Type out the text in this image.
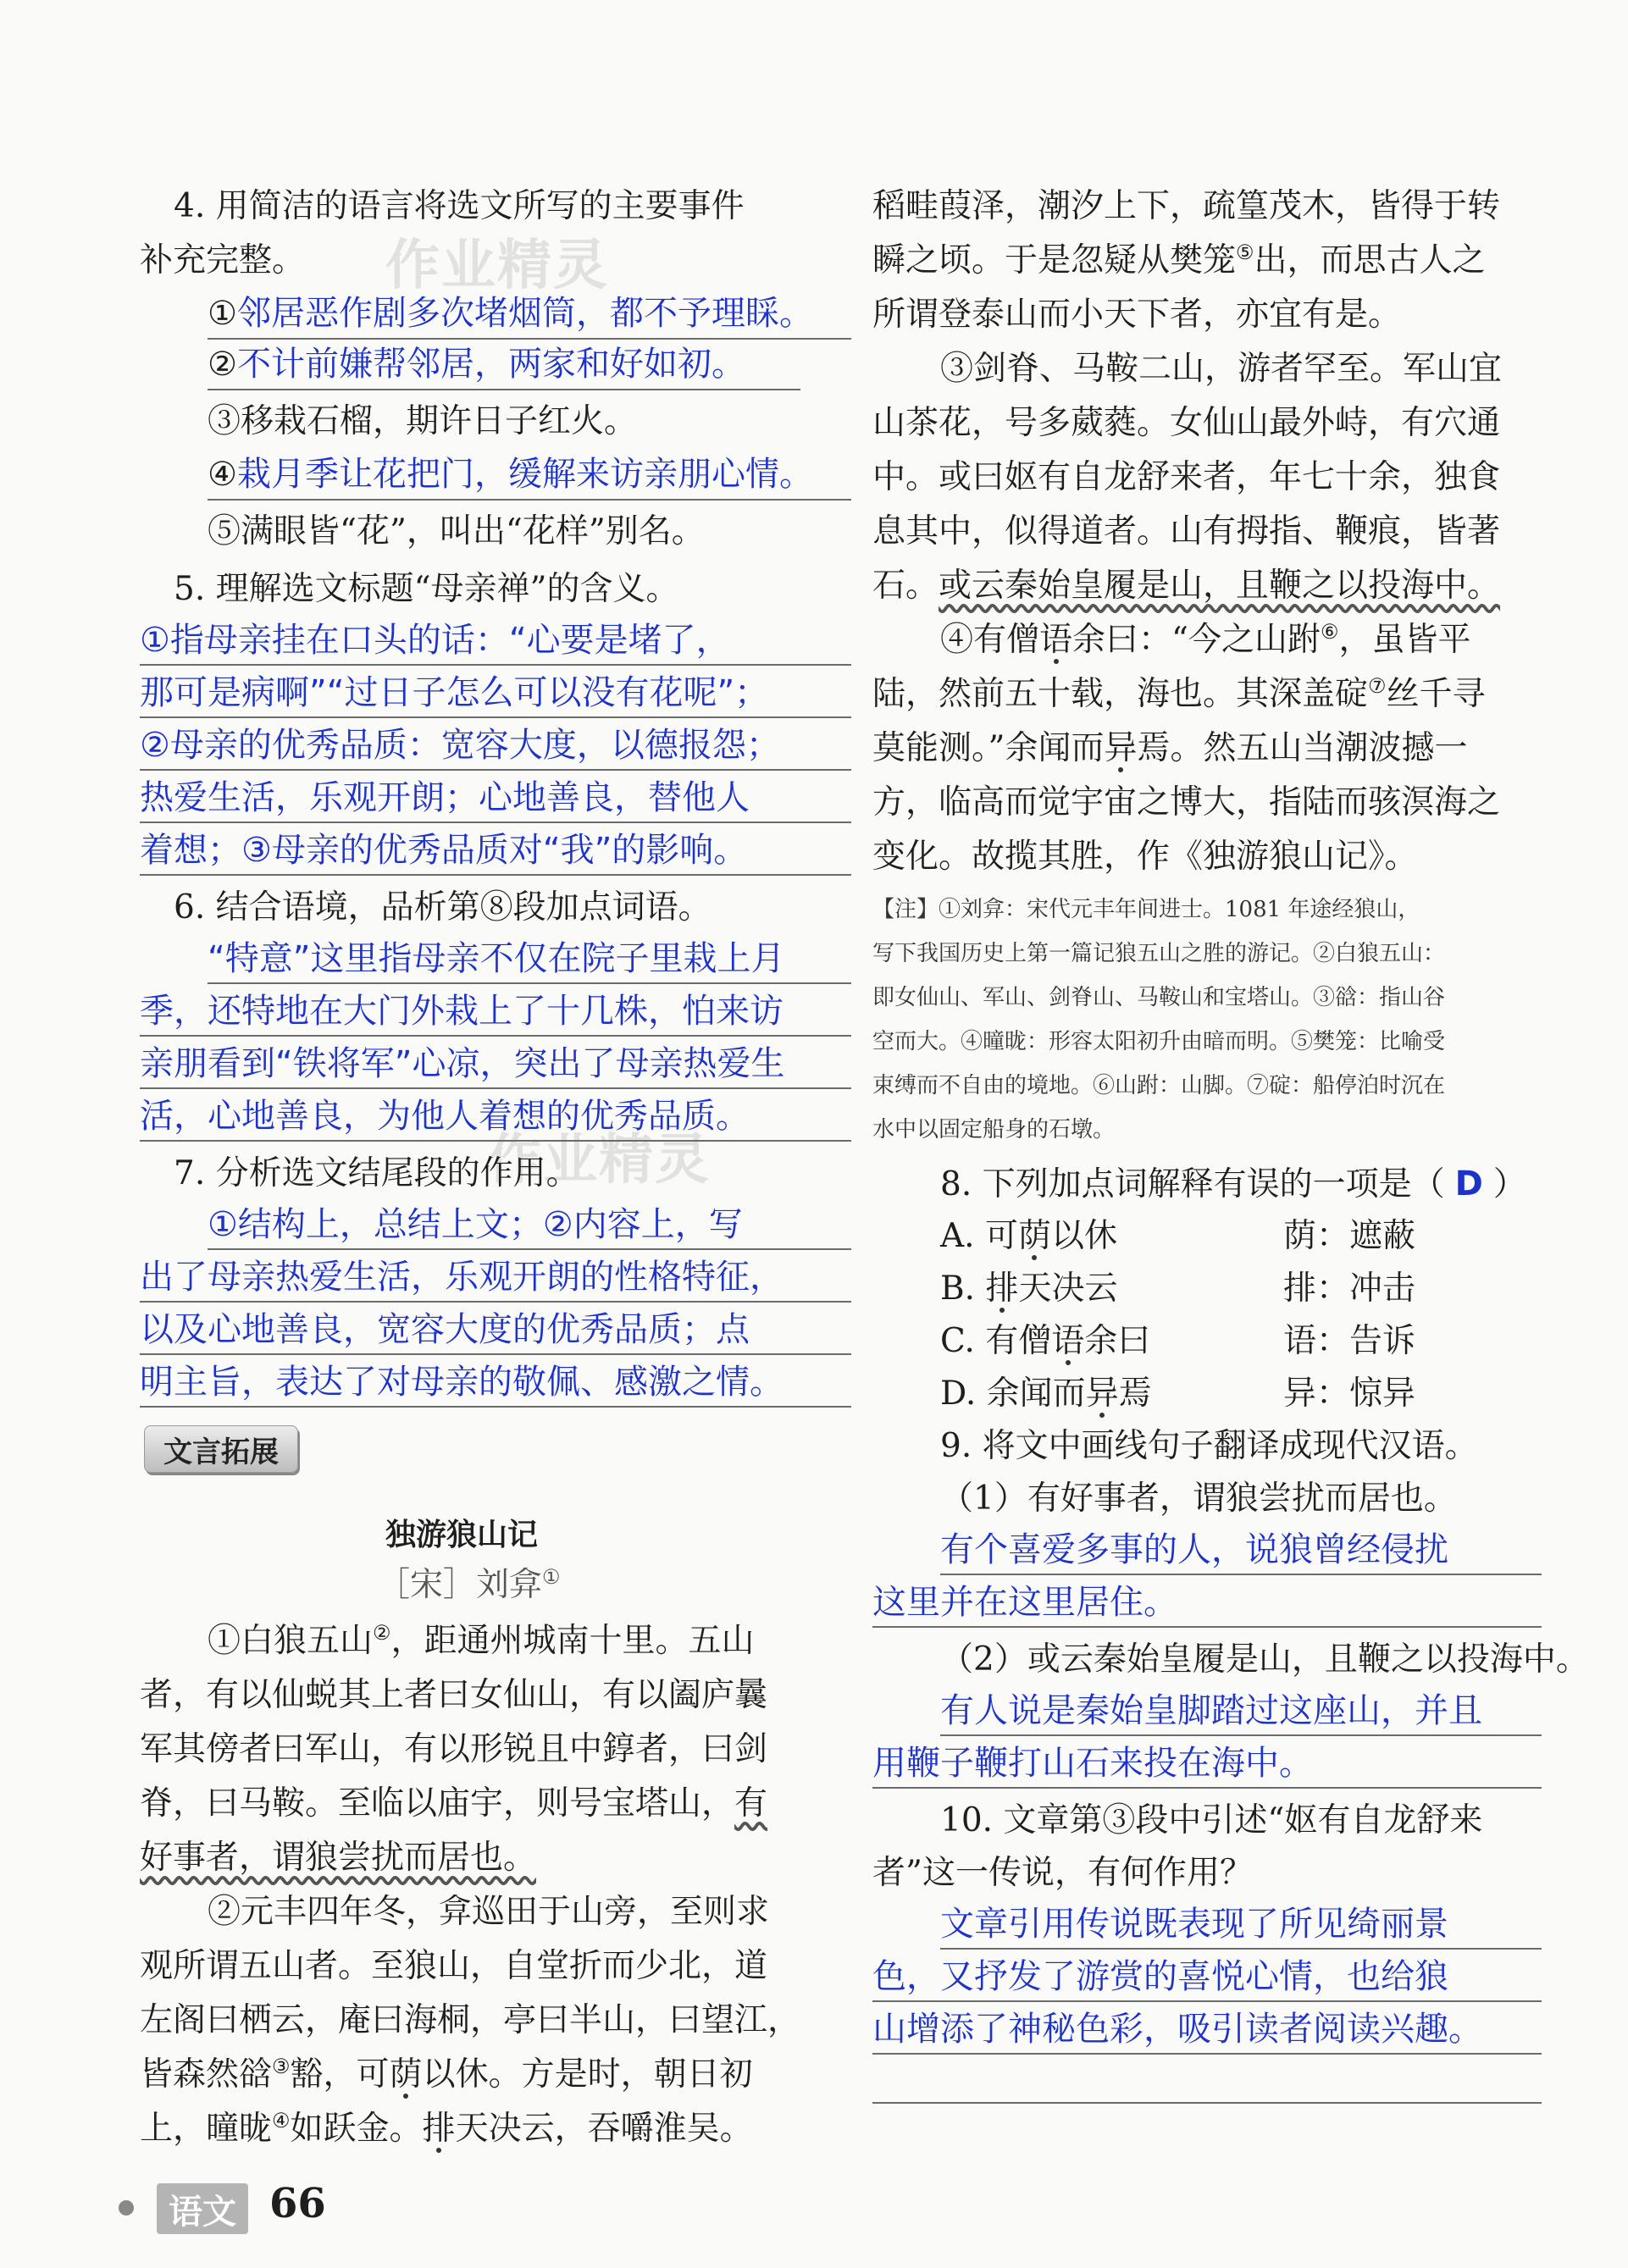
作业精灵
作业精灵
4. 用简洁的语言将选文所写的主要事件
补充完整。
①邻居恶作剧多次堵烟筒，都不予理睬。
②不计前嫌帮邻居，两家和好如初。
③移栽石榴，期许日子红火。
④栽月季让花把门，缓解来访亲朋心情。
⑤满眼皆“花”，叫出“花样”别名。
5. 理解选文标题“母亲禅”的含义。
①指母亲挂在口头的话：“心要是堵了，
那可是病啊”“过日子怎么可以没有花呢”；
②母亲的优秀品质：宽容大度，以德报怨；
热爱生活，乐观开朗；心地善良，替他人
着想；③母亲的优秀品质对“我”的影响。
6. 结合语境，品析第⑧段加点词语。
“特意”这里指母亲不仅在院子里栽上月
季，还特地在大门外栽上了十几株，怕来访
亲朋看到“铁将军”心凉，突出了母亲热爱生
活，心地善良，为他人着想的优秀品质。
7. 分析选文结尾段的作用。
①结构上，总结上文；②内容上，写
出了母亲热爱生活，乐观开朗的性格特征，
以及心地善良，宽容大度的优秀品质；点
明主旨，表达了对母亲的敬佩、感激之情。
文言拓展
独游狼山记
［宋］刘弇①
①白狼五山②，距通州城南十里。五山
者，有以仙蜕其上者曰女仙山，有以阖庐曩
军其傍者曰军山，有以形锐且中錞者，曰剑
脊，曰马鞍。至临以庙宇，则号宝塔山，有
好事者，谓狼尝扰而居也。
②元丰四年冬，弇巡田于山旁，至则求
观所谓五山者。至狼山，自堂折而少北，道
左阁曰栖云，庵曰海桐，亭曰半山，曰望江，
皆森然谽③豁，可荫以休。方是时，朝日初
上，曈昽④如跃金。排天决云，吞嚼淮吴。
稻畦葭泽，潮汐上下，疏篁茂木，皆得于转
瞬之顷。于是忽疑从樊笼⑤出，而思古人之
所谓登泰山而小天下者，亦宜有是。
③剑脊、马鞍二山，游者罕至。军山宜
山茶花，号多葳蕤。女仙山最外峙，有穴通
中。或曰妪有自龙舒来者，年七十余，独食
息其中，似得道者。山有拇指、鞭痕，皆著
石。或云秦始皇履是山，且鞭之以投海中。
④有僧语余曰：“今之山跗⑥，虽皆平
陆，然前五十载，海也。其深盖碇⑦丝千寻
莫能测。”余闻而异焉。然五山当潮波撼一
方，临高而觉宇宙之博大，指陆而骇溟海之
变化。故揽其胜，作《独游狼山记》。
【注】①刘弇：宋代元丰年间进士。1081 年途经狼山，
写下我国历史上第一篇记狼五山之胜的游记。②白狼五山：
即女仙山、军山、剑脊山、马鞍山和宝塔山。③谽：指山谷
空而大。④曈昽：形容太阳初升由暗而明。⑤樊笼：比喻受
束缚而不自由的境地。⑥山跗：山脚。⑦碇：船停泊时沉在
水中以固定船身的石墩。
8. 下列加点词解释有误的一项是（ D ）
A. 可荫以休	荫：遮蔽
B. 排天决云	排：冲击
C. 有僧语余曰	语：告诉
D. 余闻而异焉	异：惊异
9. 将文中画线句子翻译成现代汉语。
（1）有好事者，谓狼尝扰而居也。
有个喜爱多事的人，说狼曾经侵扰
这里并在这里居住。
（2）或云秦始皇履是山，且鞭之以投海中。
有人说是秦始皇脚踏过这座山，并且
用鞭子鞭打山石来投在海中。
10. 文章第③段中引述“妪有自龙舒来
者”这一传说，有何作用？
文章引用传说既表现了所见绮丽景
色，又抒发了游赏的喜悦心情，也给狼
山增添了神秘色彩，吸引读者阅读兴趣。
语文 66
